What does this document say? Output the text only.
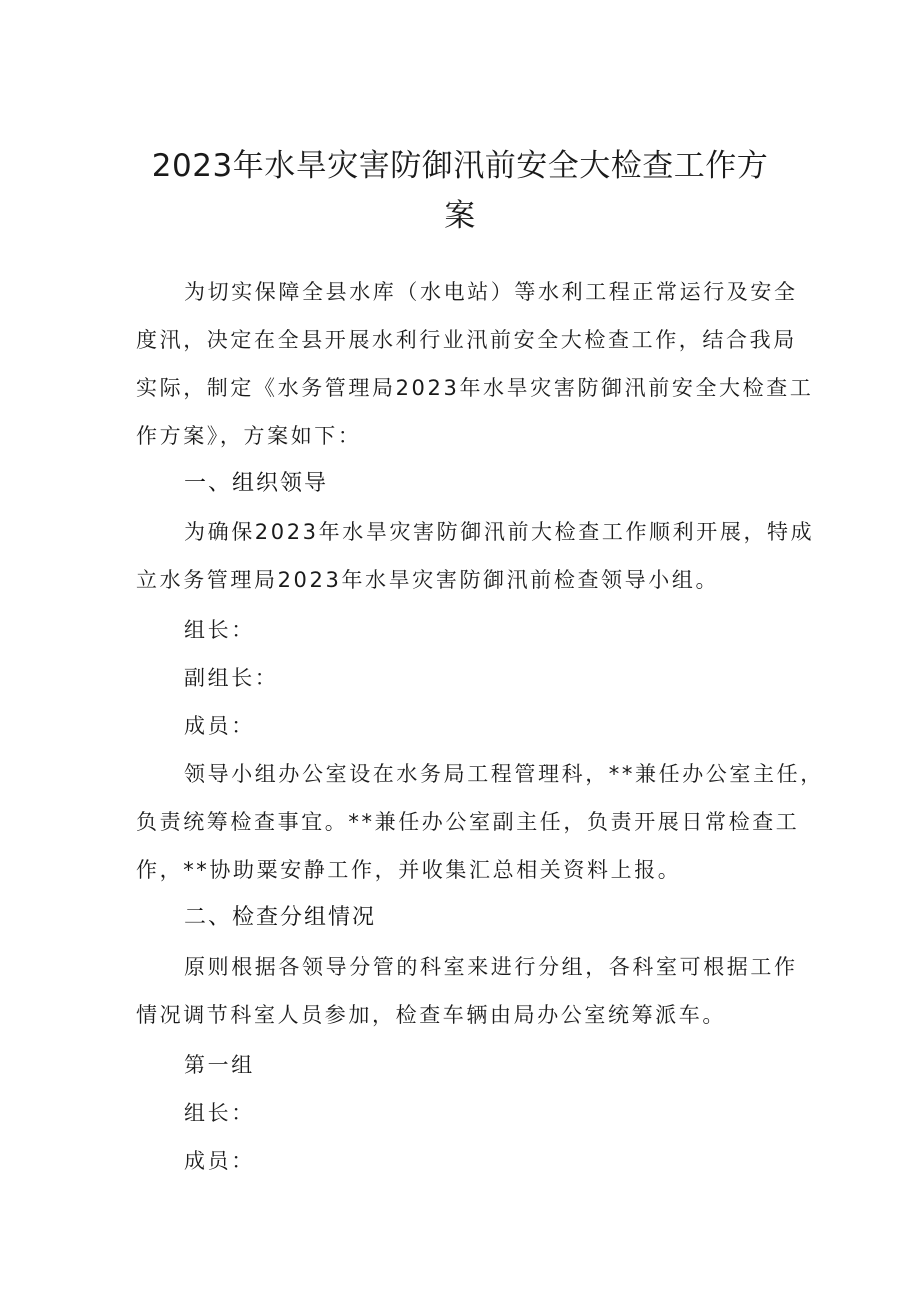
2023年水旱灾害防御汛前安全大检查工作方
案
为切实保障全县水库（水电站）等水利工程正常运行及安全
度汛，决定在全县开展水利行业汛前安全大检查工作，结合我局
实际，制定《水务管理局2023年水旱灾害防御汛前安全大检查工
作方案》，方案如下：
一、组织领导
为确保2023年水旱灾害防御汛前大检查工作顺利开展，特成
立水务管理局2023年水旱灾害防御汛前检查领导小组。
组长：
副组长：
成员：
领导小组办公室设在水务局工程管理科，**兼任办公室主任，
负责统筹检查事宜。**兼任办公室副主任，负责开展日常检查工
作，**协助粟安静工作，并收集汇总相关资料上报。
二、检查分组情况
原则根据各领导分管的科室来进行分组，各科室可根据工作
情况调节科室人员参加，检查车辆由局办公室统筹派车。
第一组
组长：
成员：
